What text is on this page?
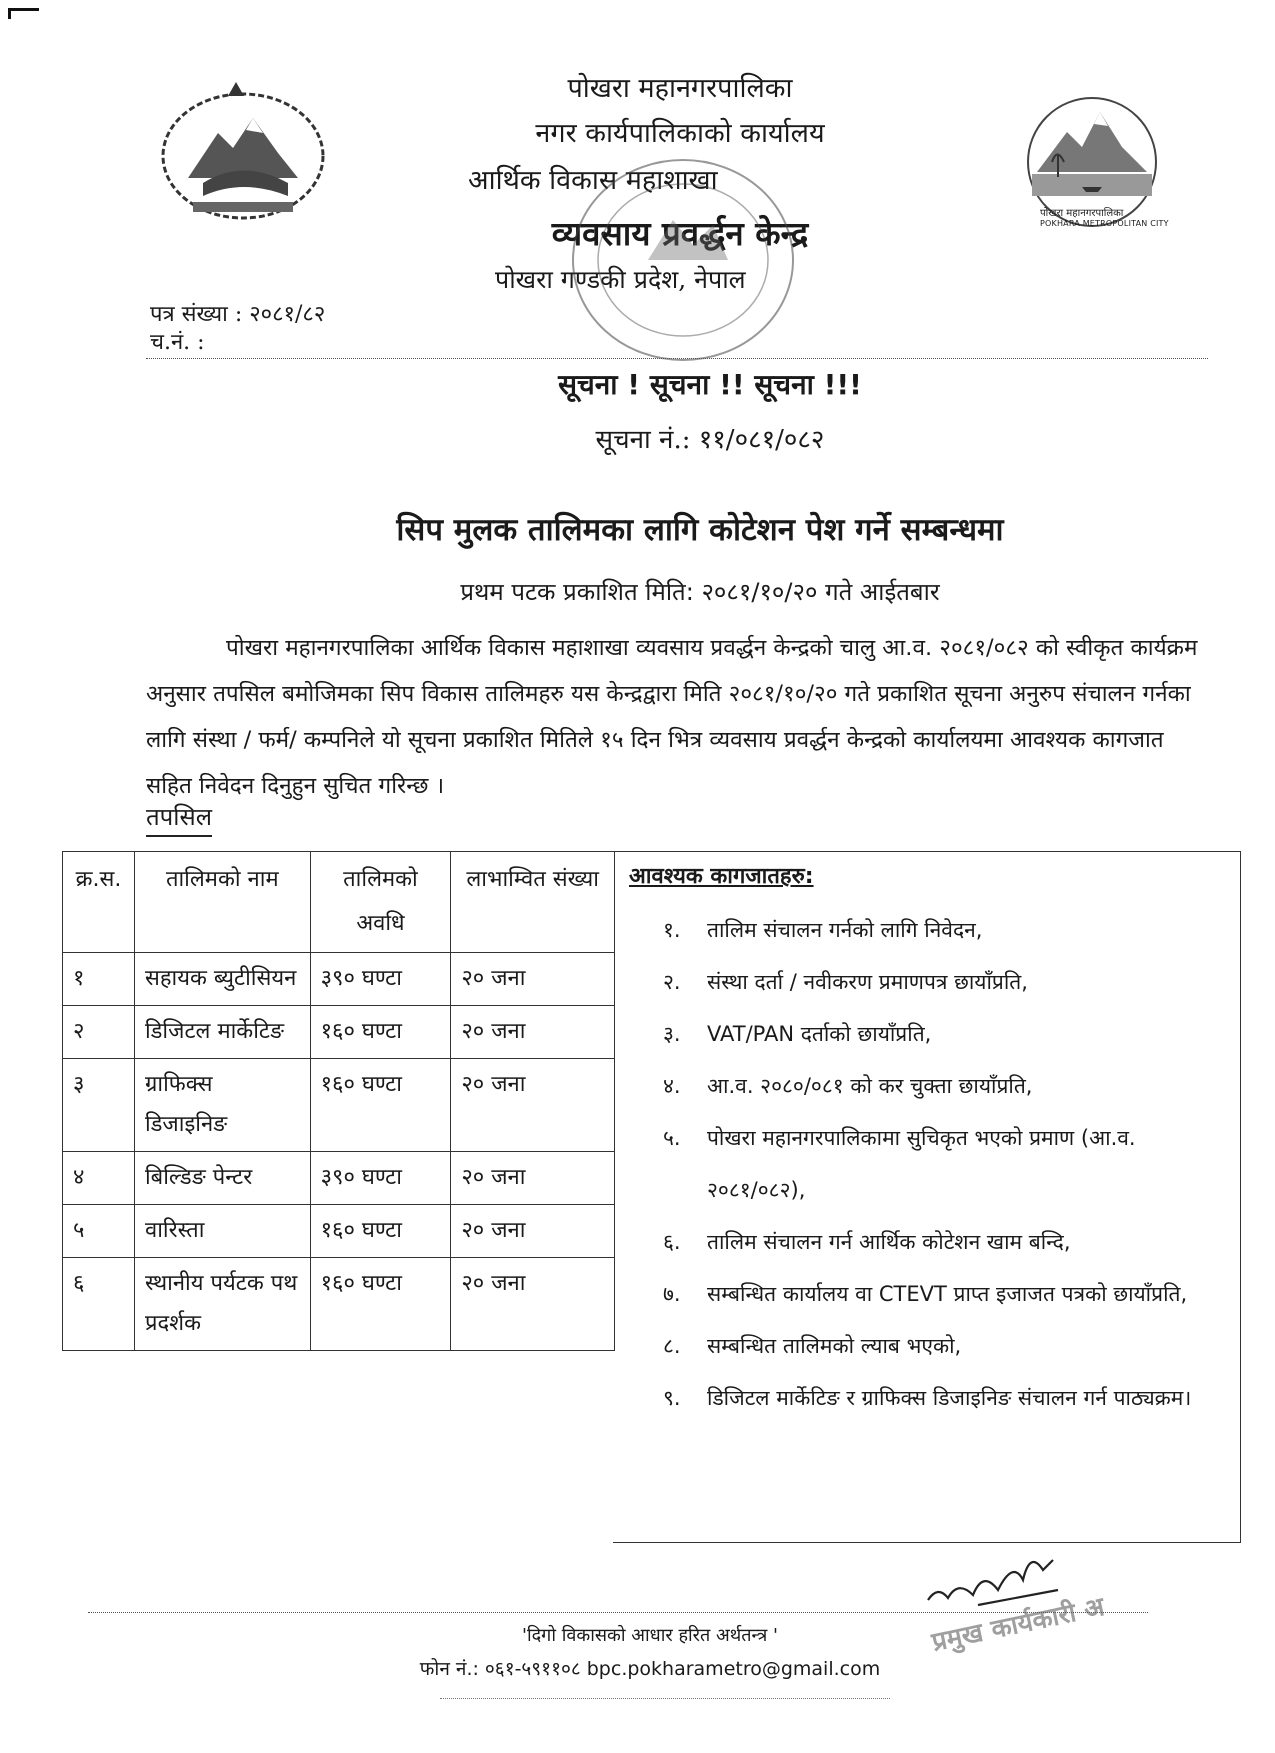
पोखरा महानगरपालिका
नगर कार्यपालिकाको कार्यालय
आर्थिक विकास महाशाखा
व्यवसाय प्रवर्द्धन केन्द्र
पोखरा गण्डकी प्रदेश, नेपाल
पोखरा महानगरपालिका
POKHARA METROPOLITAN CITY
पत्र संख्या : २०८१/८२
च.नं. :
सूचना ! सूचना !! सूचना !!!
सूचना नं.: ११/०८१/०८२
सिप मुलक तालिमका लागि कोटेशन पेश गर्ने सम्बन्धमा
प्रथम पटक प्रकाशित मिति: २०८१/१०/२० गते आईतबार
पोखरा महानगरपालिका आर्थिक विकास महाशाखा व्यवसाय प्रवर्द्धन केन्द्रको चालु आ.व. २०८१/०८२ को स्वीकृत कार्यक्रम अनुसार तपसिल बमोजिमका सिप विकास तालिमहरु यस केन्द्रद्वारा मिति २०८१/१०/२० गते प्रकाशित सूचना अनुरुप संचालन गर्नका लागि संस्था / फर्म/ कम्पनिले यो सूचना प्रकाशित मितिले १५ दिन भित्र व्यवसाय प्रवर्द्धन केन्द्रको कार्यालयमा आवश्यक कागजात सहित निवेदन दिनुहुन सुचित गरिन्छ ।
तपसिल
क्र.स.	तालिमको नाम	तालिमको अवधि	लाभाम्वित संख्या
१	सहायक ब्युटीसियन	३९० घण्टा	२० जना
२	डिजिटल मार्केटिङ	१६० घण्टा	२० जना
३	ग्राफिक्स डिजाइनिङ	१६० घण्टा	२० जना
४	बिल्डिङ पेन्टर	३९० घण्टा	२० जना
५	वारिस्ता	१६० घण्टा	२० जना
६	स्थानीय पर्यटक पथ प्रदर्शक	१६० घण्टा	२० जना
आवश्यक कागजातहरु:
१.	तालिम संचालन गर्नको लागि निवेदन,
२.	संस्था दर्ता / नवीकरण प्रमाणपत्र छायाँप्रति,
३.	VAT/PAN दर्ताको छायाँप्रति,
४.	आ.व. २०८०/०८१ को कर चुक्ता छायाँप्रति,
५.	पोखरा महानगरपालिकामा सुचिकृत भएको प्रमाण (आ.व. २०८१/०८२),
६.	तालिम संचालन गर्न आर्थिक कोटेशन खाम बन्दि,
७.	सम्बन्धित कार्यालय वा CTEVT प्राप्त इजाजत पत्रको छायाँप्रति,
८.	सम्बन्धित तालिमको ल्याब भएको,
९.	डिजिटल मार्केटिङ र ग्राफिक्स डिजाइनिङ संचालन गर्न पाठ्यक्रम।
प्रमुख कार्यकारी अ
'दिगो विकासको आधार हरित अर्थतन्त्र '
फोन नं.: ०६१-५९११०८ bpc.pokharametro@gmail.com
